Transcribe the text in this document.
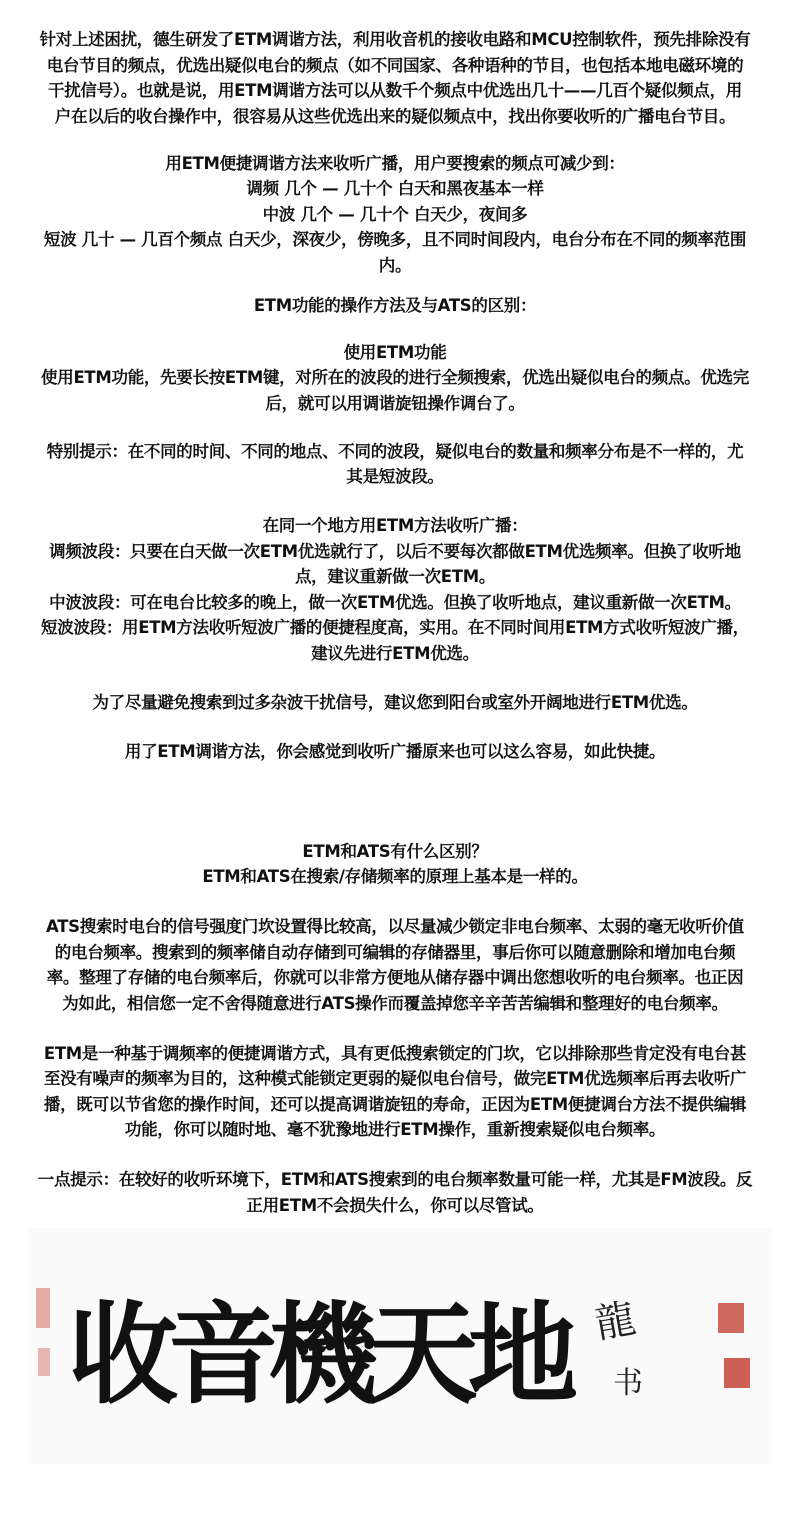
针对上述困扰，德生研发了ETM调谐方法，利用收音机的接收电路和MCU控制软件，预先排除没有
电台节目的频点，优选出疑似电台的频点（如不同国家、各种语种的节目，也包括本地电磁环境的
干扰信号）。也就是说，用ETM调谐方法可以从数千个频点中优选出几十——几百个疑似频点，用
户在以后的收台操作中，很容易从这些优选出来的疑似频点中，找出你要收听的广播电台节目。
用ETM便捷调谐方法来收听广播，用户要搜索的频点可减少到：
调频 几个 — 几十个 白天和黑夜基本一样
中波 几个 — 几十个 白天少，夜间多
短波 几十 — 几百个频点 白天少，深夜少，傍晚多，且不同时间段内，电台分布在不同的频率范围
内。
ETM功能的操作方法及与ATS的区别：
使用ETM功能
使用ETM功能，先要长按ETM键，对所在的波段的进行全频搜索，优选出疑似电台的频点。优选完
后，就可以用调谐旋钮操作调台了。
特别提示：在不同的时间、不同的地点、不同的波段，疑似电台的数量和频率分布是不一样的，尤
其是短波段。
在同一个地方用ETM方法收听广播：
调频波段：只要在白天做一次ETM优选就行了，以后不要每次都做ETM优选频率。但换了收听地
点，建议重新做一次ETM。
中波波段：可在电台比较多的晚上，做一次ETM优选。但换了收听地点，建议重新做一次ETM。
短波波段：用ETM方法收听短波广播的便捷程度高，实用。在不同时间用ETM方式收听短波广播，
建议先进行ETM优选。
为了尽量避免搜索到过多杂波干扰信号，建议您到阳台或室外开阔地进行ETM优选。
用了ETM调谐方法，你会感觉到收听广播原来也可以这么容易，如此快捷。
ETM和ATS有什么区别？
ETM和ATS在搜索/存储频率的原理上基本是一样的。
ATS搜索时电台的信号强度门坎设置得比较高，以尽量减少锁定非电台频率、太弱的毫无收听价值
的电台频率。搜索到的频率储自动存储到可编辑的存储器里，事后你可以随意删除和增加电台频
率。整理了存储的电台频率后，你就可以非常方便地从储存器中调出您想收听的电台频率。也正因
为如此，相信您一定不舍得随意进行ATS操作而覆盖掉您辛辛苦苦编辑和整理好的电台频率。
ETM是一种基于调频率的便捷调谐方式，具有更低搜索锁定的门坎，它以排除那些肯定没有电台甚
至没有噪声的频率为目的，这种模式能锁定更弱的疑似电台信号，做完ETM优选频率后再去收听广
播，既可以节省您的操作时间，还可以提高调谐旋钮的寿命，正因为ETM便捷调台方法不提供编辑
功能，你可以随时地、毫不犹豫地进行ETM操作，重新搜索疑似电台频率。
一点提示：在较好的收听环境下，ETM和ATS搜索到的电台频率数量可能一样，尤其是FM波段。反
正用ETM不会损失什么，你可以尽管试。
收音機天地 龍
书
